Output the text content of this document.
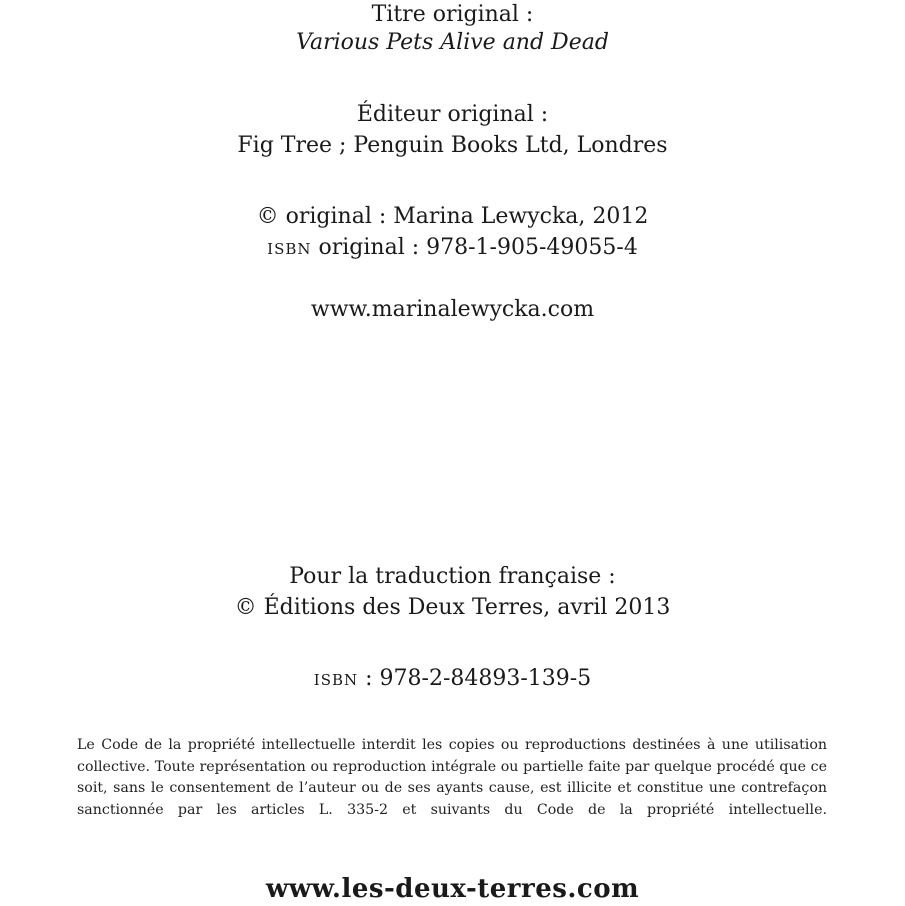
Titre original :
Various Pets Alive and Dead
Éditeur original :
Fig Tree ; Penguin Books Ltd, Londres
© original : Marina Lewycka, 2012
isbn original : 978-1-905-49055-4
www.marinalewycka.com
Pour la traduction française :
© Éditions des Deux Terres, avril 2013
isbn : 978-2-84893-139-5
Le Code de la propriété intellectuelle interdit les copies ou reproductions destinées à une utilisation collective. Toute représentation ou reproduction intégrale ou partielle faite par quelque procédé que ce soit, sans le consentement de l’auteur ou de ses ayants cause, est illicite et constitue une contrefaçon sanctionnée par les articles L. 335-2 et suivants du Code de la propriété intellectuelle.
www.les-deux-terres.com
